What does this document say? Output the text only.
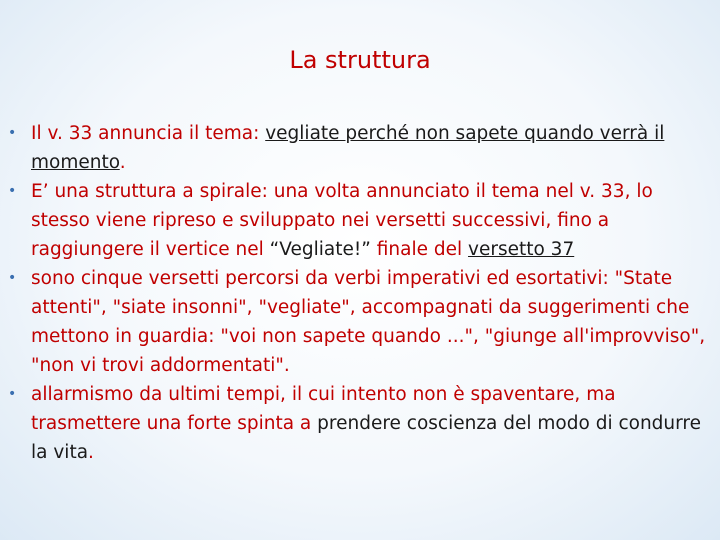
La struttura
• Il v. 33 annuncia il tema: vegliate perché non sapete quando verrà il momento.
• E’ una struttura a spirale: una volta annunciato il tema nel v. 33, lo stesso viene ripreso e sviluppato nei versetti successivi, fino a raggiungere il vertice nel “Vegliate!” finale del versetto 37
• sono cinque versetti percorsi da verbi imperativi ed esortativi: "State attenti", "siate insonni", "vegliate", accompagnati da suggerimenti che mettono in guardia: "voi non sapete quando ...", "giunge all'improvviso", "non vi trovi addormentati".
• allarmismo da ultimi tempi, il cui intento non è spaventare, ma trasmettere una forte spinta a prendere coscienza del modo di condurre la vita.
